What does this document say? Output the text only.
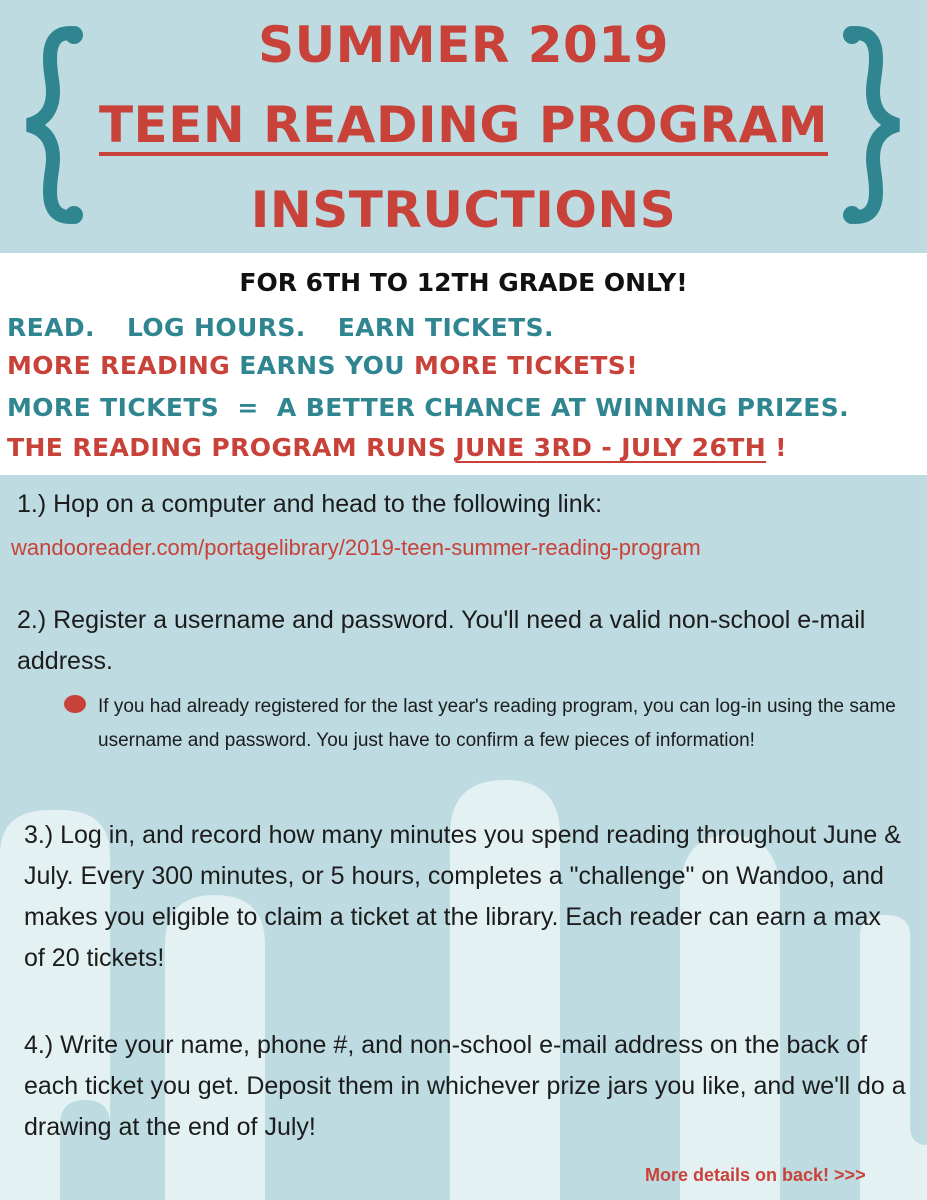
SUMMER 2019

TEEN READING PROGRAM

INSTRUCTIONS

FOR 6TH TO 12TH GRADE ONLY!

READ. LOG HOURS. EARN TICKETS.

MORE READING EARNS YOU MORE TICKETS!

MORE TICKETS  =  A BETTER CHANCE AT WINNING PRIZES.

THE READING PROGRAM RUNS JUNE 3RD - JULY 26TH !

1.) Hop on a computer and head to the following link:

wandooreader.com/portagelibrary/2019-teen-summer-reading-program

2.) Register a username and password. You'll need a valid non-school e-mail address.

If you had already registered for the last year's reading program, you can log-in using the same username and password. You just have to confirm a few pieces of information!

3.) Log in, and record how many minutes you spend reading throughout June & July. Every 300 minutes, or 5 hours, completes a "challenge" on Wandoo, and makes you eligible to claim a ticket at the library. Each reader can earn a max of 20 tickets!

4.) Write your name, phone #, and non-school e-mail address on the back of each ticket you get. Deposit them in whichever prize jars you like, and we'll do a drawing at the end of July!

More details on back! >>>
